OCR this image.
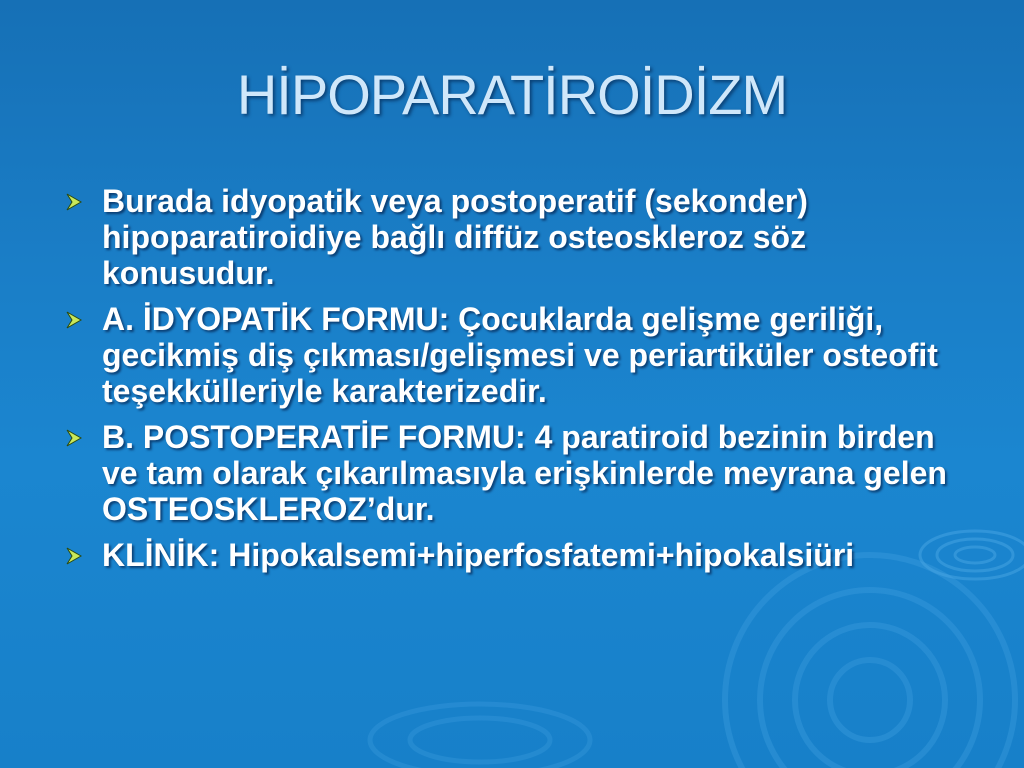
HİPOPARATİROİDİZM
Burada idyopatik veya postoperatif (sekonder) hipoparatiroidiye bağlı diffüz osteoskleroz söz konusudur.
A. İDYOPATİK FORMU: Çocuklarda gelişme geriliği, gecikmiş diş çıkması/gelişmesi ve periartiküler osteofit teşekkülleriyle karakterizedir.
B. POSTOPERATİF FORMU: 4 paratiroid bezinin birden ve tam olarak çıkarılmasıyla erişkinlerde meyrana gelen OSTEOSKLEROZ’dur.
KLİNİK: Hipokalsemi+hiperfosfatemi+hipokalsiüri
